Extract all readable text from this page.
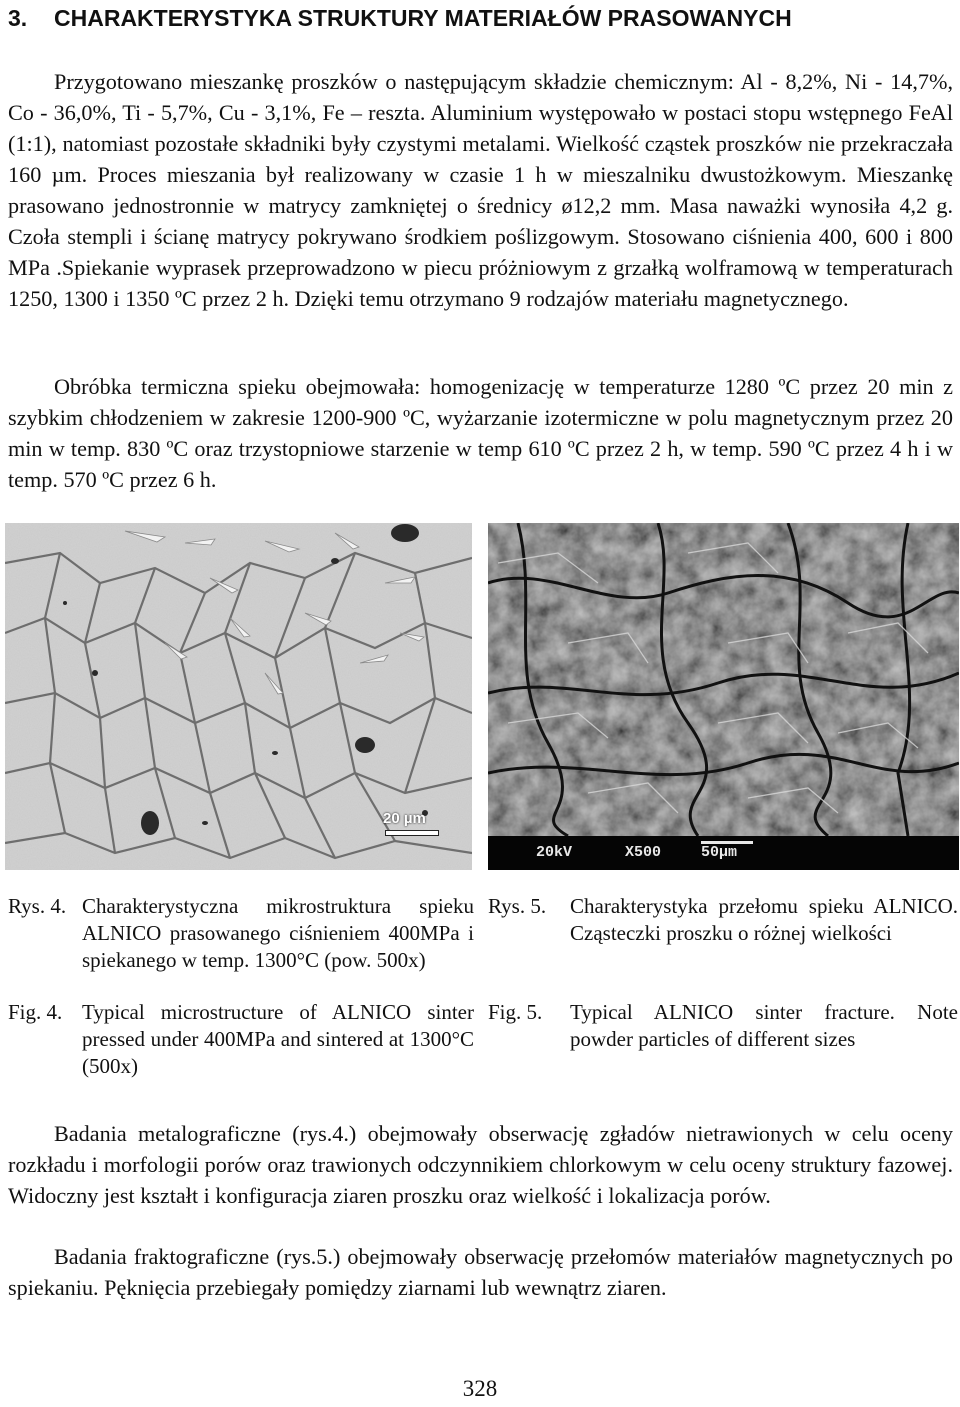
3. CHARAKTERYSTYKA STRUKTURY MATERIAŁÓW PRASOWANYCH

Przygotowano mieszankę proszków o następującym składzie chemicznym: Al - 8,2%, Ni - 14,7%, Co - 36,0%, Ti - 5,7%, Cu - 3,1%, Fe – reszta. Aluminium występowało w postaci stopu wstępnego FeAl (1:1), natomiast pozostałe składniki były czystymi metalami. Wielkość cząstek proszków nie przekraczała 160 µm. Proces mieszania był realizowany w czasie 1 h w mieszalniku dwustożkowym. Mieszankę prasowano jednostronnie w matrycy zamkniętej o średnicy ø12,2 mm. Masa naważki wynosiła 4,2 g. Czoła stempli i ścianę matrycy pokrywano środkiem poślizgowym. Stosowano ciśnienia 400, 600 i 800 MPa .Spiekanie wyprasek przeprowadzono w piecu próżniowym z grzałką wolframową w temperaturach 1250, 1300 i 1350 ºC przez 2 h. Dzięki temu otrzymano 9 rodzajów materiału magnetycznego.

Obróbka termiczna spieku obejmowała: homogenizację w temperaturze 1280 ºC przez 20 min z szybkim chłodzeniem w zakresie 1200-900 ºC, wyżarzanie izotermiczne w polu magnetycznym przez 20 min w temp. 830 ºC oraz trzystopniowe starzenie w temp 610 ºC przez 2 h, w temp. 590 ºC przez 4 h i w temp. 570 ºC przez 6 h.

20 µm
20kV	X500	50µm
Rys. 4. Charakterystyczna mikrostruktura spieku ALNICO prasowanego ciśnieniem 400MPa i spiekanego w temp. 1300°C (pow. 500x)
Fig. 4. Typical microstructure of ALNICO sinter pressed under 400MPa and sintered at 1300°C (500x)
Rys. 5. Charakterystyka przełomu spieku ALNICO. Cząsteczki proszku o różnej wielkości
Fig. 5. Typical ALNICO sinter fracture. Note powder particles of different sizes

Badania metalograficzne (rys.4.) obejmowały obserwację zgładów nietrawionych w celu oceny rozkładu i morfologii porów oraz trawionych odczynnikiem chlorkowym w celu oceny struktury fazowej. Widoczny jest kształt i konfiguracja ziaren proszku oraz wielkość i lokalizacja porów.

Badania fraktograficzne (rys.5.) obejmowały obserwację przełomów materiałów magnetycznych po spiekaniu. Pęknięcia przebiegały pomiędzy ziarnami lub wewnątrz ziaren.

328
